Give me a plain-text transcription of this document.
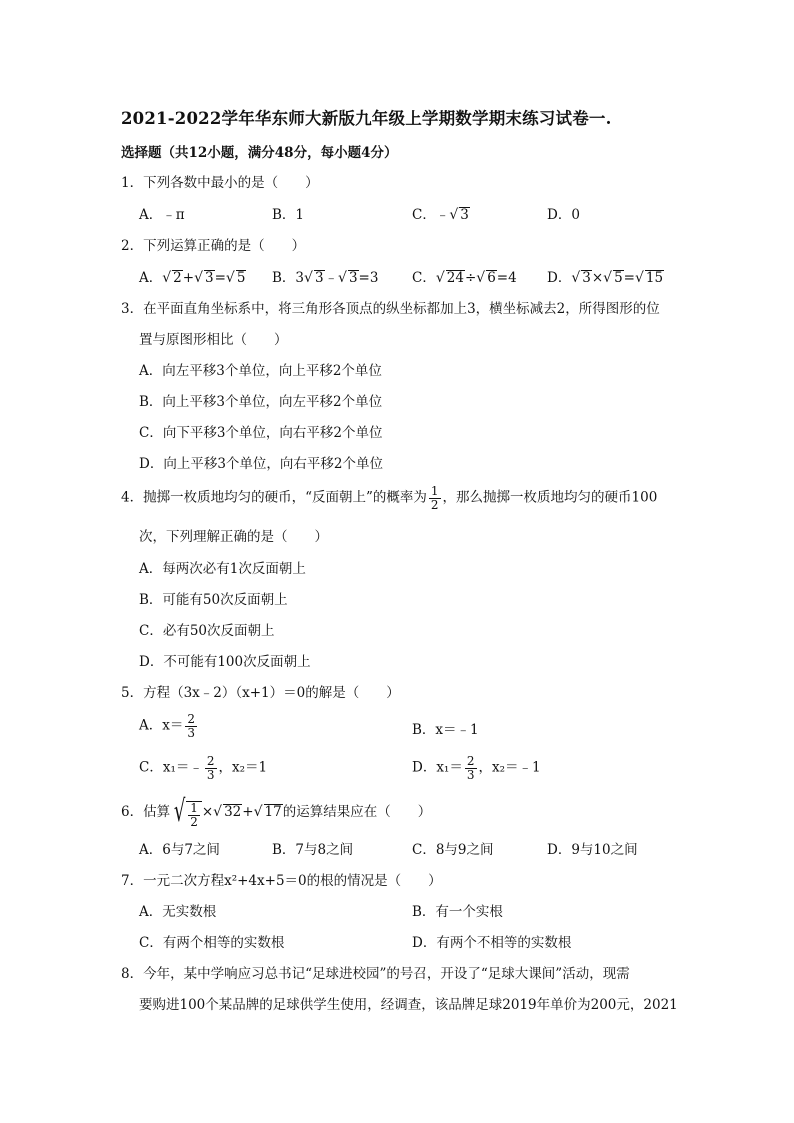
2021-2022学年华东师大新版九年级上学期数学期末练习试卷一.
选择题（共12小题，满分48分，每小题4分）
1．下列各数中最小的是（　　）
A．﹣π	B．1	C．﹣√ 3	D．0
2．下列运算正确的是（　　）
A．√ 2+√ 3=√ 5 B．3√ 3﹣√ 3=3 C．√ 24÷√ 6=4 D．√ 3×√ 5=√ 15
3．在平面直角坐标系中，将三角形各顶点的纵坐标都加上3，横坐标减去2，所得图形的位
置与原图形相比（　　）
A．向左平移3个单位，向上平移2个单位
B．向上平移3个单位，向左平移2个单位
C．向下平移3个单位，向右平移2个单位
D．向上平移3个单位，向右平移2个单位
4．抛掷一枚质地均匀的硬币，“反面朝上”的概率为 $\frac{1}{2}$ ，那么抛掷一枚质地均匀的硬币100
次，下列理解正确的是（　　）
A．每两次必有1次反面朝上
B．可能有50次反面朝上
C．必有50次反面朝上
D．不可能有100次反面朝上
5．方程（3x﹣2）（x+1）＝0的解是（　　）
A．$x= \frac{2}{3}$	B．x＝﹣1
C．x₁＝﹣ $\frac{2}{3}$ ，x₂＝1	D．$x_1= \frac{2}{3}$ ，x₂＝﹣1
6．估算 √ $\frac{1}{2}$ ×√ 32+√ 17的运算结果应在（　　）
A．6与7之间	B．7与8之间	C．8与9之间	D．9与10之间
7．一元二次方程x²+4x+5＝0的根的情况是（　　）
A．无实数根	B．有一个实根
C．有两个相等的实数根	D．有两个不相等的实数根
8．今年，某中学响应习总书记“足球进校园”的号召，开设了“足球大课间”活动，现需
要购进100个某品牌的足球供学生使用，经调查，该品牌足球2019年单价为200元，2021
